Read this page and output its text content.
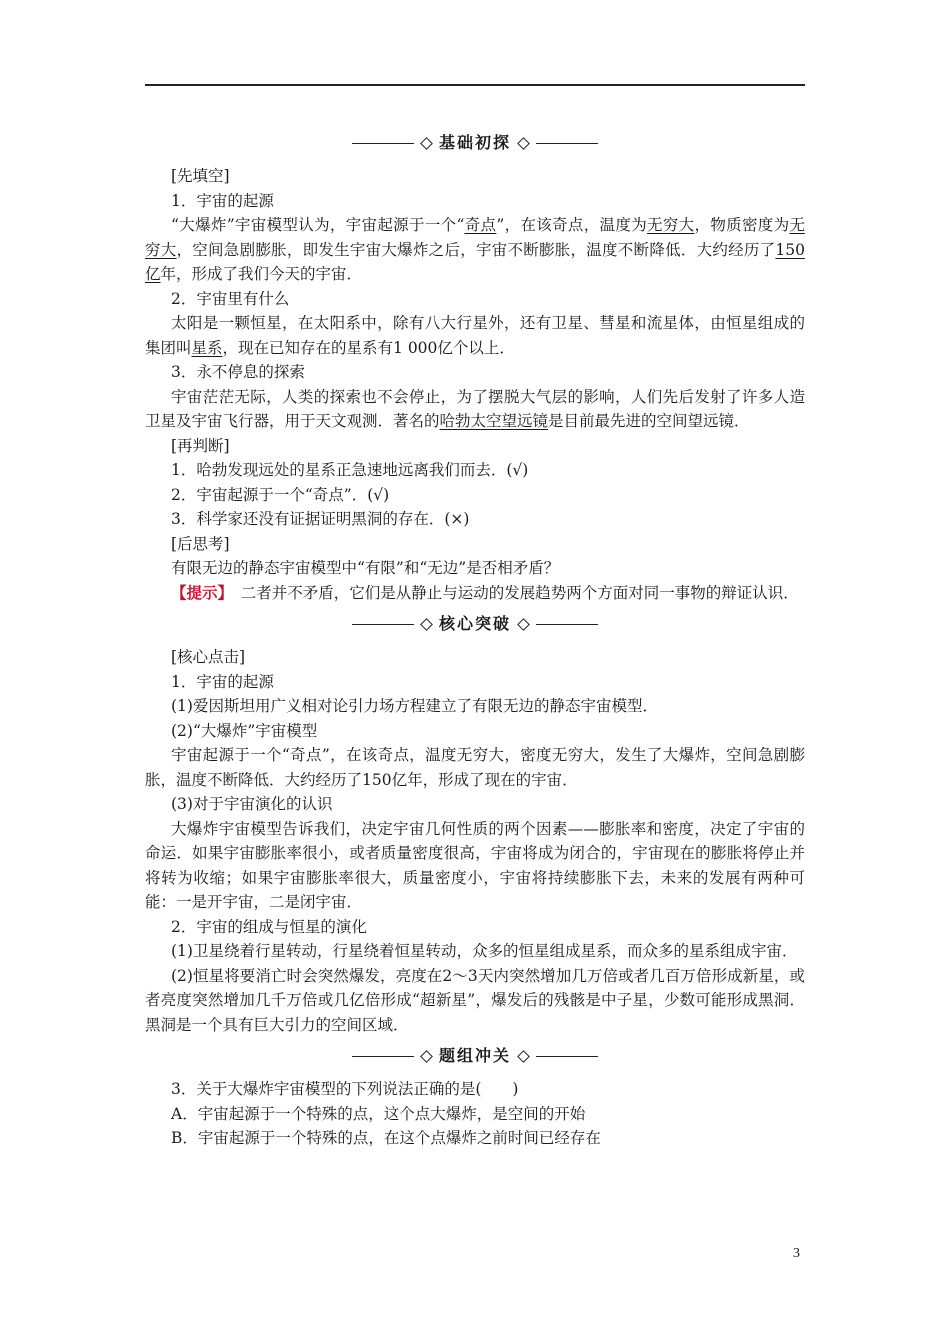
基础初探
[先填空]
1．宇宙的起源
“大爆炸”宇宙模型认为，宇宙起源于一个“奇点”，在该奇点，温度为无穷大，物质密度为无穷大，空间急剧膨胀，即发生宇宙大爆炸之后，宇宙不断膨胀，温度不断降低．大约经历了150亿年，形成了我们今天的宇宙．
2．宇宙里有什么
太阳是一颗恒星，在太阳系中，除有八大行星外，还有卫星、彗星和流星体，由恒星组成的集团叫星系，现在已知存在的星系有1 000亿个以上．
3．永不停息的探索
宇宙茫茫无际，人类的探索也不会停止，为了摆脱大气层的影响，人们先后发射了许多人造卫星及宇宙飞行器，用于天文观测．著名的哈勃太空望远镜是目前最先进的空间望远镜．
[再判断]
1．哈勃发现远处的星系正急速地远离我们而去．(√)
2．宇宙起源于一个“奇点”．(√)
3．科学家还没有证据证明黑洞的存在．(×)
[后思考]
有限无边的静态宇宙模型中“有限”和“无边”是否相矛盾？
【提示】　二者并不矛盾，它们是从静止与运动的发展趋势两个方面对同一事物的辩证认识．
核心突破
[核心点击]
1．宇宙的起源
(1)爱因斯坦用广义相对论引力场方程建立了有限无边的静态宇宙模型．
(2)“大爆炸”宇宙模型
宇宙起源于一个“奇点”，在该奇点，温度无穷大，密度无穷大，发生了大爆炸，空间急剧膨胀，温度不断降低．大约经历了150亿年，形成了现在的宇宙．
(3)对于宇宙演化的认识
大爆炸宇宙模型告诉我们，决定宇宙几何性质的两个因素——膨胀率和密度，决定了宇宙的命运．如果宇宙膨胀率很小，或者质量密度很高，宇宙将成为闭合的，宇宙现在的膨胀将停止并将转为收缩；如果宇宙膨胀率很大，质量密度小，宇宙将持续膨胀下去，未来的发展有两种可能：一是开宇宙，二是闭宇宙．
2．宇宙的组成与恒星的演化
(1)卫星绕着行星转动，行星绕着恒星转动，众多的恒星组成星系，而众多的星系组成宇宙．
(2)恒星将要消亡时会突然爆发，亮度在2～3天内突然增加几万倍或者几百万倍形成新星，或者亮度突然增加几千万倍或几亿倍形成“超新星”，爆发后的残骸是中子星，少数可能形成黑洞．黑洞是一个具有巨大引力的空间区域．
题组冲关
3．关于大爆炸宇宙模型的下列说法正确的是(　　)
A．宇宙起源于一个特殊的点，这个点大爆炸，是空间的开始
B．宇宙起源于一个特殊的点，在这个点爆炸之前时间已经存在
3
